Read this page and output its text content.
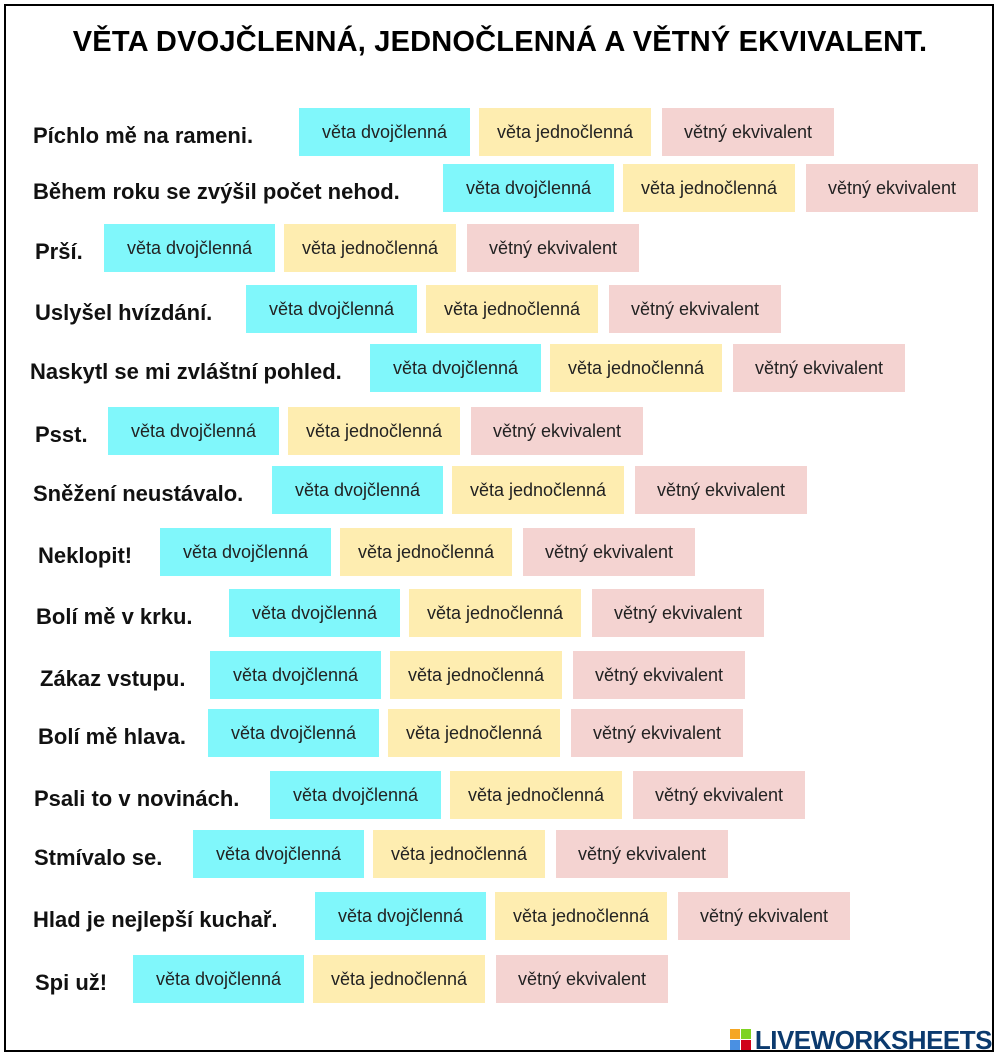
VĚTA DVOJČLENNÁ, JEDNOČLENNÁ A VĚTNÝ EKVIVALENT.
Píchlo mě na rameni.	věta dvojčlenná	věta jednočlenná	větný ekvivalent
Během roku se zvýšil počet nehod.	věta dvojčlenná	věta jednočlenná	větný ekvivalent
Prší.	věta dvojčlenná	věta jednočlenná	větný ekvivalent
Uslyšel hvízdání.	věta dvojčlenná	věta jednočlenná	větný ekvivalent
Naskytl se mi zvláštní pohled.	věta dvojčlenná	věta jednočlenná	větný ekvivalent
Psst.	věta dvojčlenná	věta jednočlenná	větný ekvivalent
Sněžení neustávalo.	věta dvojčlenná	věta jednočlenná	větný ekvivalent
Neklopit!	věta dvojčlenná	věta jednočlenná	větný ekvivalent
Bolí mě v krku.	věta dvojčlenná	věta jednočlenná	větný ekvivalent
Zákaz vstupu.	věta dvojčlenná	věta jednočlenná	větný ekvivalent
Bolí mě hlava.	věta dvojčlenná	věta jednočlenná	větný ekvivalent
Psali to v novinách.	věta dvojčlenná	věta jednočlenná	větný ekvivalent
Stmívalo se.	věta dvojčlenná	věta jednočlenná	větný ekvivalent
Hlad je nejlepší kuchař.	věta dvojčlenná	věta jednočlenná	větný ekvivalent
Spi už!	věta dvojčlenná	věta jednočlenná	větný ekvivalent
LIVEWORKSHEETS
